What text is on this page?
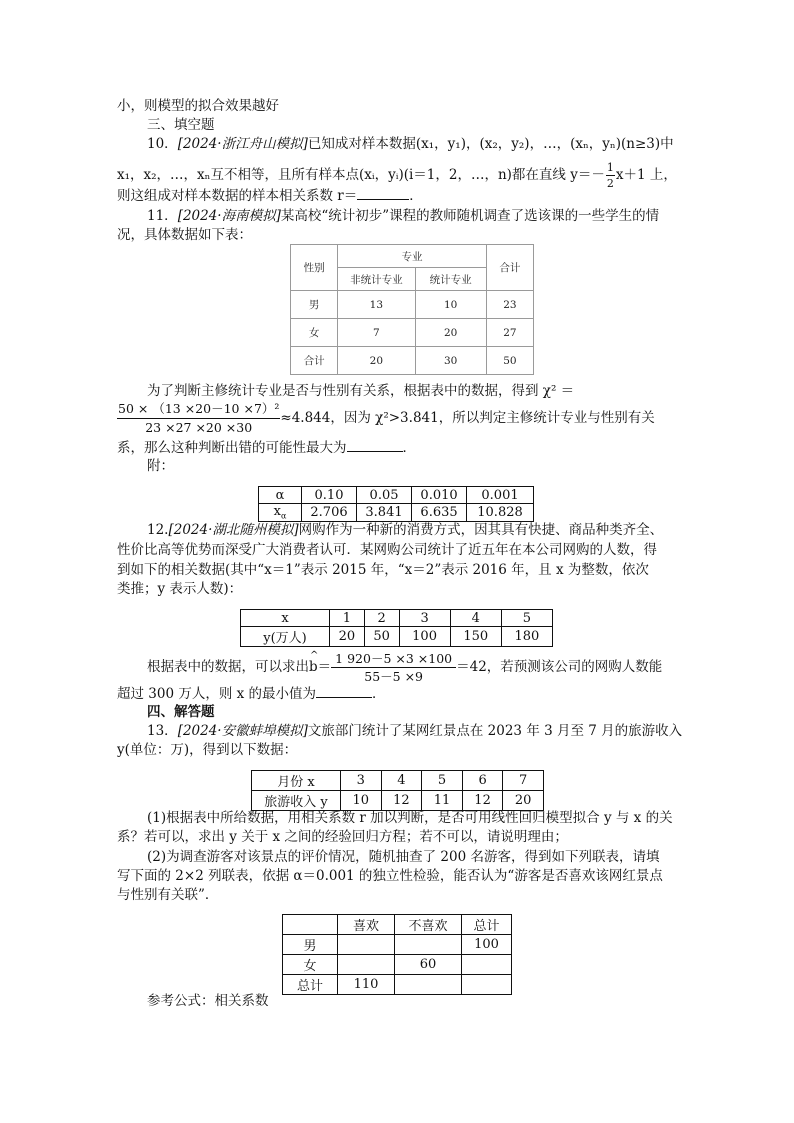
小，则模型的拟合效果越好
三、填空题
10．[2024·浙江舟山模拟]已知成对样本数据(x₁，y₁)，(x₂，y₂)，…，(xₙ，yₙ)(n≥3)中
x₁，x₂，…，xₙ互不相等，且所有样本点(xᵢ，yᵢ)(i＝1，2，…，n)都在直线 $y=- \frac{1}{2} x+1$ 上，
则这组成对样本数据的样本相关系数 r＝	．
11．[2024·海南模拟]某高校“统计初步”课程的教师随机调查了选该课的一些学生的情
况，具体数据如下表：
性别	专业		合计
	非统计专业	统计专业	
男	13	10	23
女	7	20	27
合计	20	30	50
为了判断主修统计专业是否与性别有关系，根据表中的数据，得到 χ² ＝
$\frac{\text{50 × （13 ×20－10 ×7）²}}{23 \times 27 \times 20 \times 30} \approx 4.844$，因为 χ²>3.841，所以判定主修统计专业与性别有关
系，那么这种判断出错的可能性最大为	．
附：
α	0.10	0.05	0.010	0.001
$x_\alpha$	2.706	3.841	6.635	10.828
12.[2024·湖北随州模拟]网购作为一种新的消费方式，因其具有快捷、商品种类齐全、
性价比高等优势而深受广大消费者认可．某网购公司统计了近五年在本公司网购的人数，得
到如下的相关数据(其中“x＝1”表示 2015 年，“x＝2”表示 2016 年，且 x 为整数，依次
类推；y 表示人数)：
x	1	2	3	4	5
y(万人)	20	50	100	150	180
根据表中的数据，可以求出
^
$b= \frac{1 920-5 \times 3 \times 100}{55-5 \times 9} =42$，若预测该公司的网购人数能
超过 300 万人，则 x 的最小值为	．
四、解答题
13．[2024·安徽蚌埠模拟]文旅部门统计了某网红景点在 2023 年 3 月至 7 月的旅游收入
y(单位：万)，得到以下数据：
月份 x	3	4	5	6	7
旅游收入 y	10	12	11	12	20
(1)根据表中所给数据，用相关系数 r 加以判断，是否可用线性回归模型拟合 y 与 x 的关
系？若可以，求出 y 关于 x 之间的经验回归方程；若不可以，请说明理由；
(2)为调查游客对该景点的评价情况，随机抽查了 200 名游客，得到如下列联表，请填
写下面的 2×2 列联表，依据 α＝0.001 的独立性检验，能否认为“游客是否喜欢该网红景点
与性别有关联”．
	喜欢	不喜欢	总计
男			100
女		60	
总计	110		
参考公式：相关系数
